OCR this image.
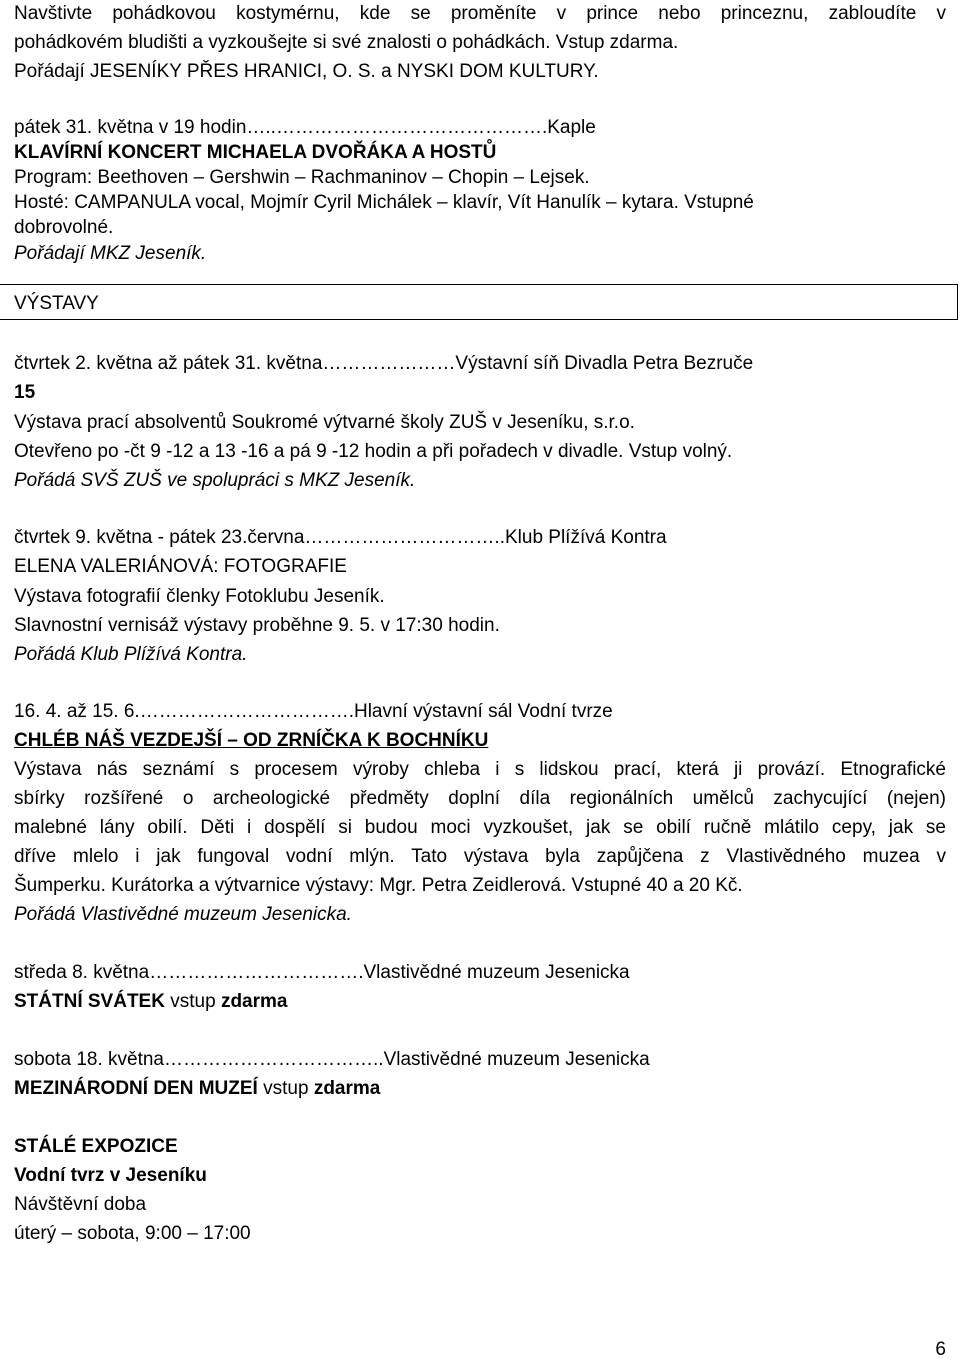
Navštivte pohádkovou kostymérnu, kde se proměníte v prince nebo princeznu, zabloudíte v
pohádkovém bludišti a vyzkoušejte si své znalosti o pohádkách. Vstup zdarma.
Pořádají JESENÍKY PŘES HRANICI, O. S. a NYSKI DOM KULTURY.
pátek 31. května v 19 hodin…..…………………………………….Kaple
KLAVÍRNÍ KONCERT MICHAELA DVOŘÁKA A HOSTŮ
Program: Beethoven – Gershwin – Rachmaninov – Chopin – Lejsek.
Hosté: CAMPANULA vocal, Mojmír Cyril Michálek – klavír, Vít Hanulík – kytara. Vstupné
dobrovolné.
Pořádají MKZ Jeseník.
VÝSTAVY
čtvrtek 2. května až pátek 31. května…………………Výstavní síň Divadla Petra Bezruče
15
Výstava prací absolventů Soukromé výtvarné školy ZUŠ v Jeseníku, s.r.o.
Otevřeno po -čt 9 -12 a 13 -16 a pá 9 -12 hodin a při pořadech v divadle. Vstup volný.
Pořádá SVŠ ZUŠ ve spolupráci s MKZ Jeseník.
čtvrtek 9. května - pátek 23.června…………………………..Klub Plížívá Kontra
ELENA VALERIÁNOVÁ: FOTOGRAFIE
Výstava fotografií členky Fotoklubu Jeseník.
Slavnostní vernisáž výstavy proběhne 9. 5. v 17:30 hodin.
Pořádá Klub Plížívá Kontra.
16. 4. až 15. 6.…………………………….Hlavní výstavní sál Vodní tvrze
CHLÉB NÁŠ VEZDEJŠÍ – OD ZRNÍČKA K BOCHNÍKU
Výstava nás seznámí s procesem výroby chleba i s lidskou prací, která ji provází. Etnografické
sbírky rozšířené o archeologické předměty doplní díla regionálních umělců zachycující (nejen)
malebné lány obilí. Děti i dospělí si budou moci vyzkoušet, jak se obilí ručně mlátilo cepy, jak se
dříve mlelo i jak fungoval vodní mlýn. Tato výstava byla zapůjčena z Vlastivědného muzea v
Šumperku. Kurátorka a výtvarnice výstavy: Mgr. Petra Zeidlerová. Vstupné 40 a 20 Kč.
Pořádá Vlastivědné muzeum Jesenicka.
středa 8. května…………………………….Vlastivědné muzeum Jesenicka
STÁTNÍ SVÁTEK vstup zdarma
sobota 18. května……………………………..Vlastivědné muzeum Jesenicka
MEZINÁRODNÍ DEN MUZEÍ vstup zdarma
STÁLÉ EXPOZICE
Vodní tvrz v Jeseníku
Návštěvní doba
úterý – sobota, 9:00 – 17:00
6
